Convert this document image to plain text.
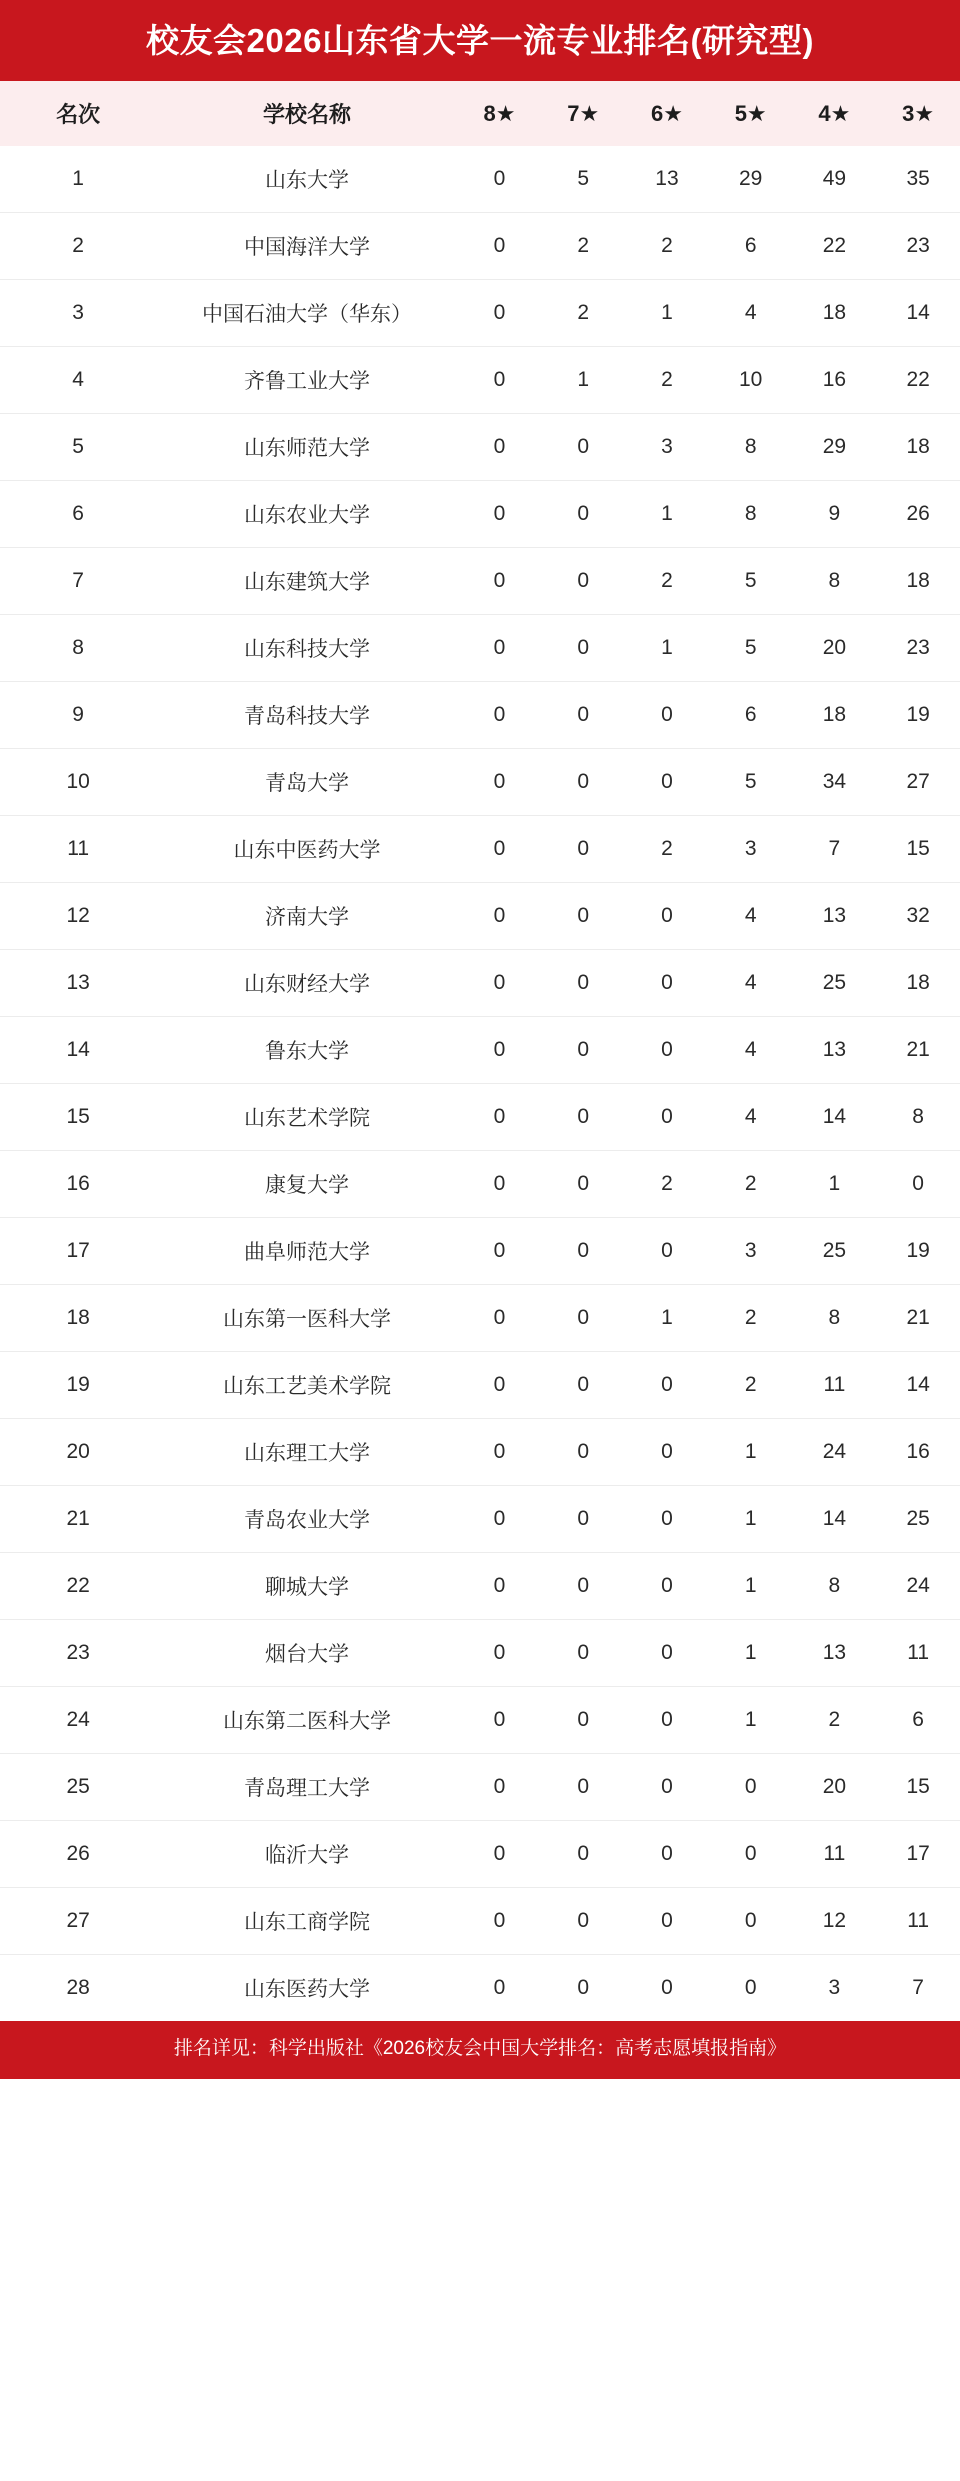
校友会2026山东省大学一流专业排名(研究型)
名次	学校名称	8★	7★	6★	5★	4★	3★
1	山东大学	0	5	13	29	49	35
2	中国海洋大学	0	2	2	6	22	23
3	中国石油大学（华东）	0	2	1	4	18	14
4	齐鲁工业大学	0	1	2	10	16	22
5	山东师范大学	0	0	3	8	29	18
6	山东农业大学	0	0	1	8	9	26
7	山东建筑大学	0	0	2	5	8	18
8	山东科技大学	0	0	1	5	20	23
9	青岛科技大学	0	0	0	6	18	19
10	青岛大学	0	0	0	5	34	27
11	山东中医药大学	0	0	2	3	7	15
12	济南大学	0	0	0	4	13	32
13	山东财经大学	0	0	0	4	25	18
14	鲁东大学	0	0	0	4	13	21
15	山东艺术学院	0	0	0	4	14	8
16	康复大学	0	0	2	2	1	0
17	曲阜师范大学	0	0	0	3	25	19
18	山东第一医科大学	0	0	1	2	8	21
19	山东工艺美术学院	0	0	0	2	11	14
20	山东理工大学	0	0	0	1	24	16
21	青岛农业大学	0	0	0	1	14	25
22	聊城大学	0	0	0	1	8	24
23	烟台大学	0	0	0	1	13	11
24	山东第二医科大学	0	0	0	1	2	6
25	青岛理工大学	0	0	0	0	20	15
26	临沂大学	0	0	0	0	11	17
27	山东工商学院	0	0	0	0	12	11
28	山东医药大学	0	0	0	0	3	7
排名详见：科学出版社《2026校友会中国大学排名：高考志愿填报指南》
